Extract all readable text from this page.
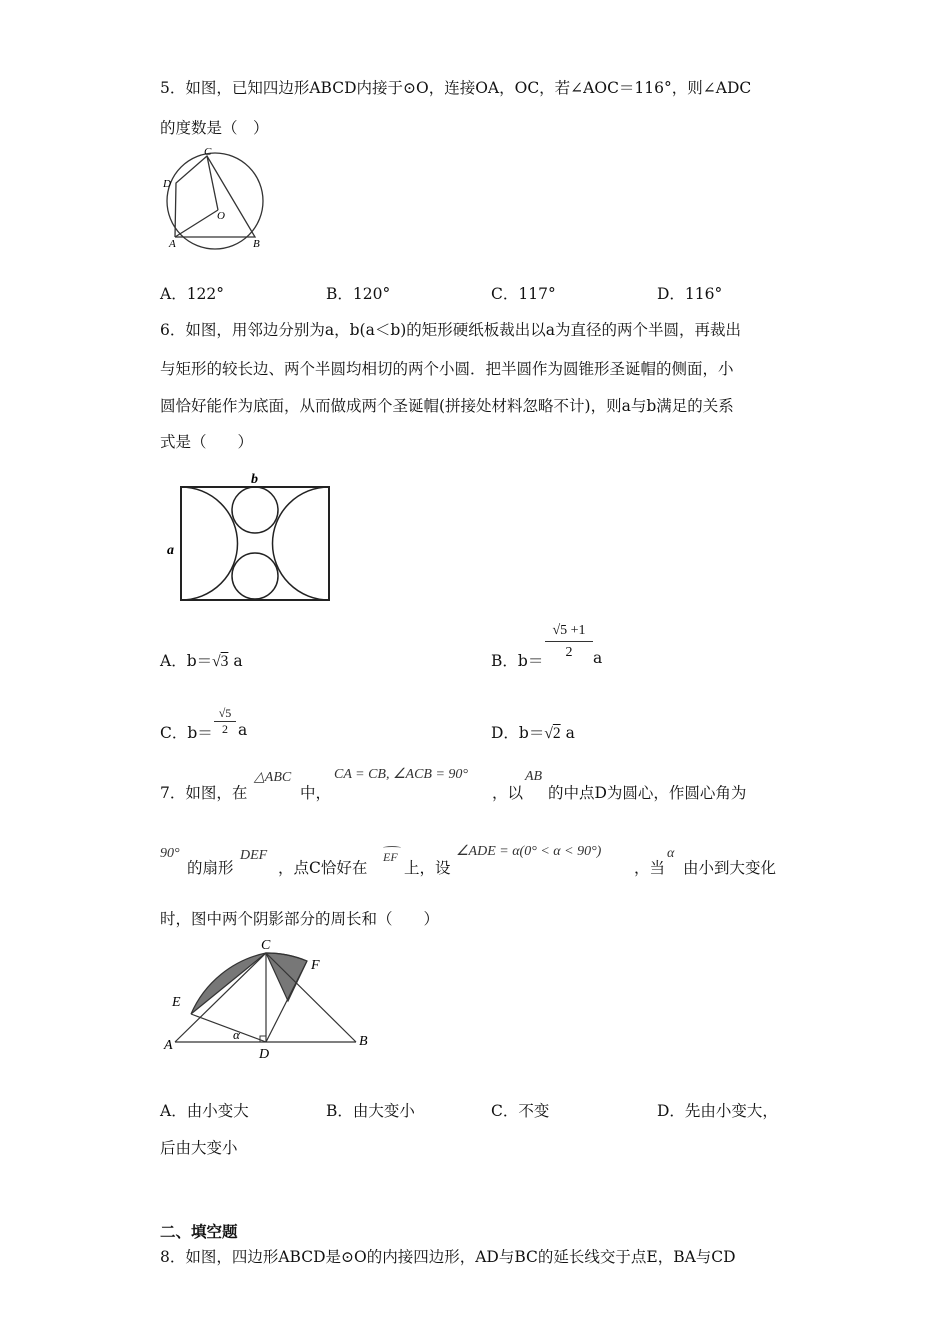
5．如图，已知四边形ABCD内接于⊙O，连接OA，OC，若∠AOC＝116°，则∠ADC
的度数是（　）
C
D
O
A	B
A．122°	B．120°	C．117°	D．116°
6．如图，用邻边分别为a，b(a＜b)的矩形硬纸板裁出以a为直径的两个半圆，再裁出
与矩形的较长边、两个半圆均相切的两个小圆．把半圆作为圆锥形圣诞帽的侧面，小
圆恰好能作为底面，从而做成两个圣诞帽(拼接处材料忽略不计)，则a与b满足的关系
式是（　　）
b
a
A．b＝√3 a	B．$b= \frac{√5 +1}{2}$ a
C．$b= \frac{√5}{2}$ a	D．b＝√2 a
7．如图，在
△ABC
中，
CA = CB, ∠ACB = 90°
，以
AB
的中点D为圆心，作圆心角为
90°
的扇形
DEF
，点C恰好在
EF
上，设
∠ADE = α(0° < α < 90°)
，当
α
由小到大变化
时，图中两个阴影部分的周长和（　　）
C
F
E
A
α
D
B
A．由小变大	B．由大变小	C．不变	D．先由小变大，
后由大变小
二、填空题
8．如图，四边形ABCD是⊙O的内接四边形，AD与BC的延长线交于点E，BA与CD
